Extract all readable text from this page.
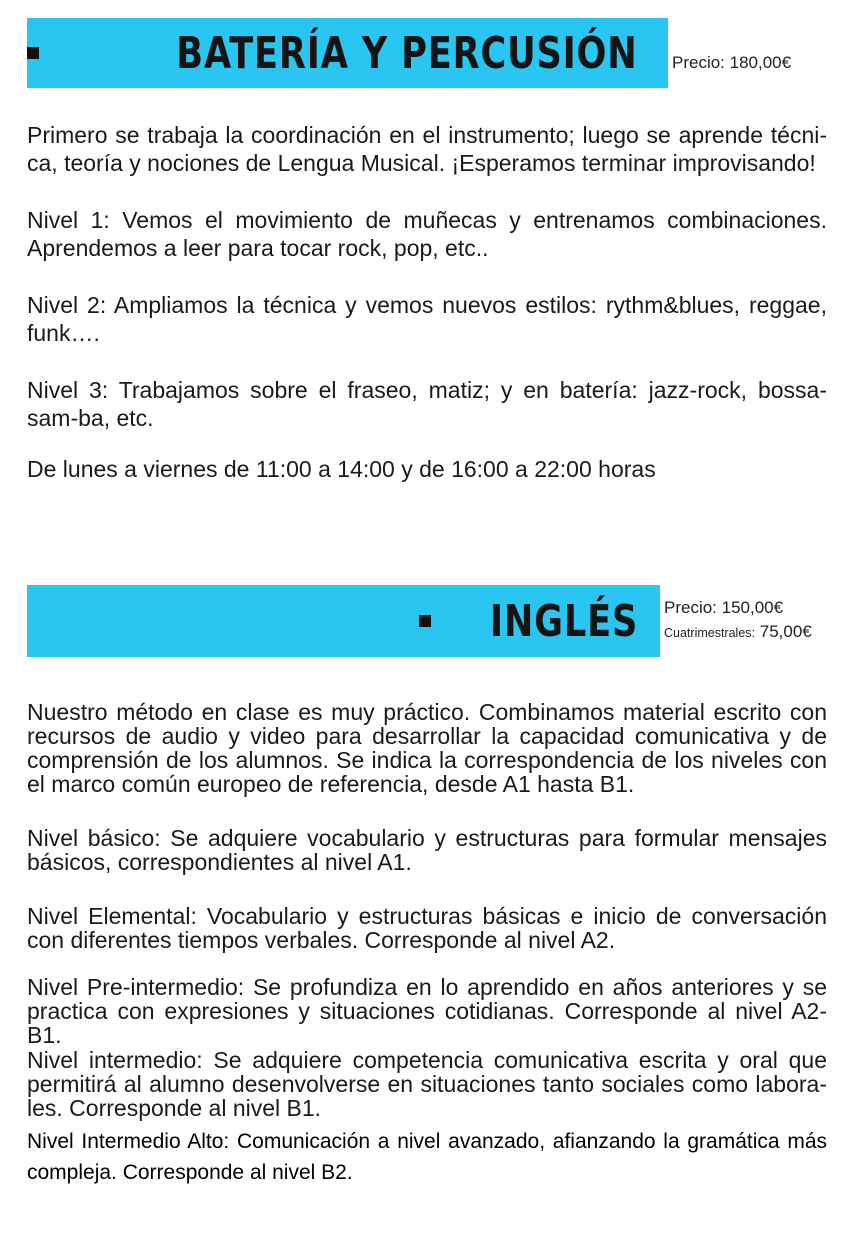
BATERÍA Y PERCUSIÓN Precio: 180,00€

Primero se trabaja la coordinación en el instrumento; luego se aprende técni-ca, teoría y nociones de Lengua Musical. ¡Esperamos terminar improvisando!

Nivel 1: Vemos el movimiento de muñecas y entrenamos combinaciones. Aprendemos a leer para tocar rock, pop, etc..

Nivel 2: Ampliamos la técnica y vemos nuevos estilos: rythm&blues, reggae, funk….

Nivel 3: Trabajamos sobre el fraseo, matiz; y en batería: jazz-rock, bossa-sam-ba, etc.

De lunes a viernes de 11:00 a 14:00 y de 16:00 a 22:00 horas

INGLÉS Precio: 150,00€
Cuatrimestrales: 75,00€

Nuestro método en clase es muy práctico. Combinamos material escrito con recursos de audio y video para desarrollar la capacidad comunicativa y de comprensión de los alumnos. Se indica la correspondencia de los niveles con el marco común europeo de referencia, desde A1 hasta B1.

Nivel básico: Se adquiere vocabulario y estructuras para formular mensajes básicos, correspondientes al nivel A1.

Nivel Elemental: Vocabulario y estructuras básicas e inicio de conversación con diferentes tiempos verbales. Corresponde al nivel A2.

Nivel Pre-intermedio: Se profundiza en lo aprendido en años anteriores y se practica con expresiones y situaciones cotidianas. Corresponde al nivel A2-B1.

Nivel intermedio: Se adquiere competencia comunicativa escrita y oral que permitirá al alumno desenvolverse en situaciones tanto sociales como labora-les. Corresponde al nivel B1.

Nivel Intermedio Alto: Comunicación a nivel avanzado, afianzando la gramática más compleja. Corresponde al nivel B2.
